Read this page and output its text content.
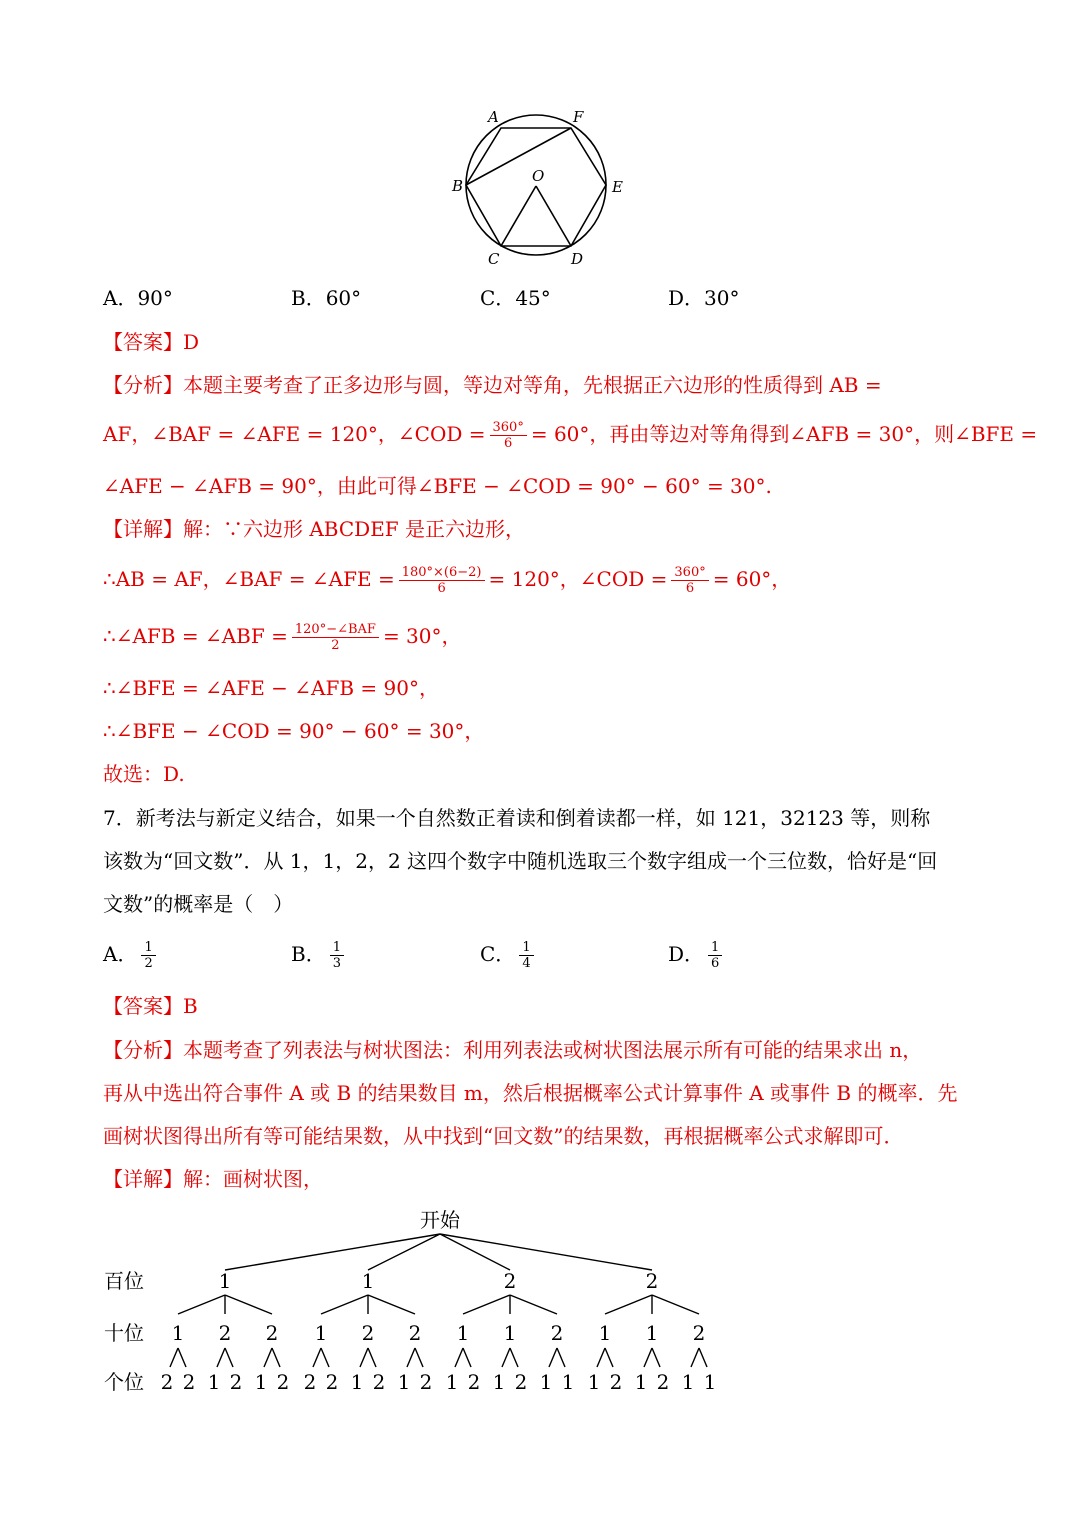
A	F
B
O
E
C	D
A．90°	B．60°	C．45°	D．30°
【答案】D
【分析】本题主要考查了正多边形与圆，等边对等角，先根据正六边形的性质得到 AB =
AF，∠BAF = ∠AFE = 120°，∠COD = $\frac{360^\circ}{6} = 60^\circ$，再由等边对等角得到∠AFB = 30°，则∠BFE =
∠AFE − ∠AFB = 90°，由此可得∠BFE − ∠COD = 90° − 60° = 30°.
【详解】解：∵六边形 ABCDEF 是正六边形，
∴AB = AF，∠BAF = ∠AFE = $\frac{180^\circ\times(6-2)}{6} = 120^\circ$，∠COD = $\frac{360^\circ}{6} = 60^\circ$，
∴∠AFB = ∠ABF = $\frac{\text{120°−∠BAF}}{2} = 30^\circ$，
∴∠BFE = ∠AFE − ∠AFB = 90°，
∴∠BFE − ∠COD = 90° − 60° = 30°，
故选：D.
7．新考法与新定义结合，如果一个自然数正着读和倒着读都一样，如 121，32123 等，则称
该数为“回文数”．从 1，1，2，2 这四个数字中随机选取三个数字组成一个三位数，恰好是“回
文数”的概率是（　）
A． $\frac{1}{2}$	B． $\frac{1}{3}$	C． $\frac{1}{4}$	D． $\frac{1}{6}$
【答案】B
【分析】本题考查了列表法与树状图法：利用列表法或树状图法展示所有可能的结果求出 n，
再从中选出符合事件 A 或 B 的结果数目 m，然后根据概率公式计算事件 A 或事件 B 的概率．先
画树状图得出所有等可能结果数，从中找到“回文数”的结果数，再根据概率公式求解即可．
【详解】解：画树状图，
开始
百位
十位
个位
1
1
2 2
2
1 2
2
1 2
1
1
2 2
2
1 2
2
1 2
2
1
1 2
1
1 2
2
1 1
2
1
1 2
1
1 2
2
1 1
